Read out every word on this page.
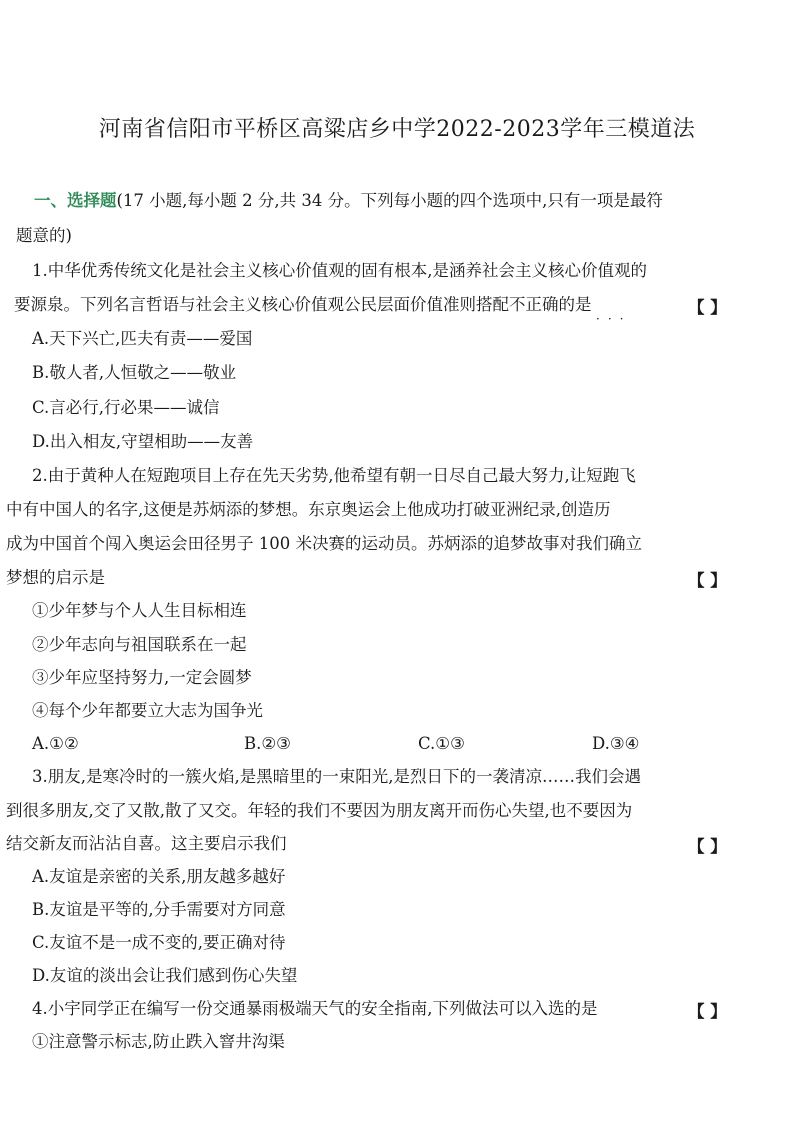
河南省信阳市平桥区高粱店乡中学2022-2023学年三模道法
一、选择题(17 小题,每小题 2 分,共 34 分。下列每小题的四个选项中,只有一项是最符
题意的)
1.中华优秀传统文化是社会主义核心价值观的固有根本,是涵养社会主义核心价值观的
要源泉。下列名言哲语与社会主义核心价值观公民层面价值准则搭配不正确的是	【 】
···
A.天下兴亡,匹夫有责——爱国
B.敬人者,人恒敬之——敬业
C.言必行,行必果——诚信
D.出入相友,守望相助——友善
2.由于黄种人在短跑项目上存在先天劣势,他希望有朝一日尽自己最大努力,让短跑飞
中有中国人的名字,这便是苏炳添的梦想。东京奥运会上他成功打破亚洲纪录,创造历
成为中国首个闯入奥运会田径男子 100 米决赛的运动员。苏炳添的追梦故事对我们确立
梦想的启示是	【 】
①少年梦与个人人生目标相连
②少年志向与祖国联系在一起
③少年应坚持努力,一定会圆梦
④每个少年都要立大志为国争光
A.①②	B.②③	C.①③	D.③④
3.朋友,是寒冷时的一簇火焰,是黑暗里的一束阳光,是烈日下的一袭清凉……我们会遇
到很多朋友,交了又散,散了又交。年轻的我们不要因为朋友离开而伤心失望,也不要因为
结交新友而沾沾自喜。这主要启示我们	【 】
A.友谊是亲密的关系,朋友越多越好
B.友谊是平等的,分手需要对方同意
C.友谊不是一成不变的,要正确对待
D.友谊的淡出会让我们感到伤心失望
4.小宇同学正在编写一份交通暴雨极端天气的安全指南,下列做法可以入选的是	【 】
①注意警示标志,防止跌入窨井沟渠
